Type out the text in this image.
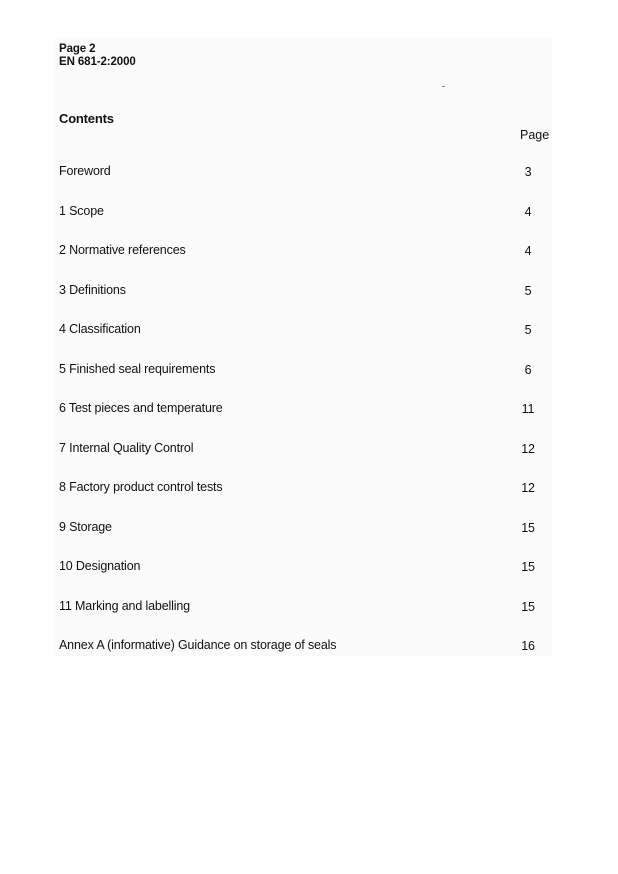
Page 2
EN 681-2:2000
Contents
Page
Foreword	3
1 Scope	4
2 Normative references	4
3 Definitions	5
4 Classification	5
5 Finished seal requirements	6
6 Test pieces and temperature	11
7 Internal Quality Control	12
8 Factory product control tests	12
9 Storage	15
10 Designation	15
11 Marking and labelling	15
Annex A (informative) Guidance on storage of seals	16
